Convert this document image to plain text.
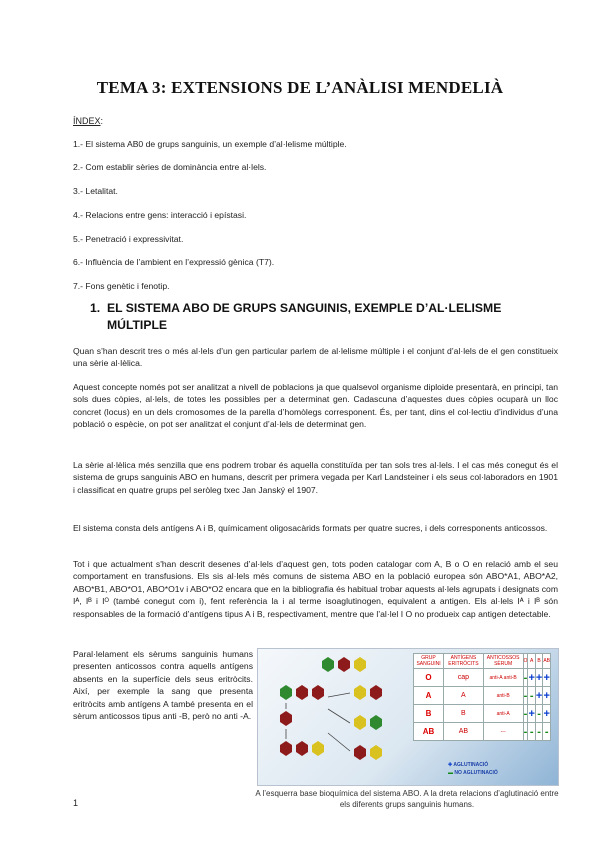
TEMA 3: EXTENSIONS DE L’ANÀLISI MENDELIÀ
ÍNDEX:
1.- El sistema AB0 de grups sanguinis, un exemple d’al·lelisme múltiple.
2.- Com establir sèries de dominància entre al·lels.
3.- Letalitat.
4.- Relacions entre gens: interacció i epístasi.
5.- Penetració i expressivitat.
6.- Influència de l’ambient en l’expressió gènica (T7).
7.- Fons genètic i fenotip.
1. EL SISTEMA ABO DE GRUPS SANGUINIS, EXEMPLE D’AL·LELISME MÚLTIPLE
Quan s’han descrit tres o més al·lels d’un gen particular parlem de al·lelisme múltiple i el conjunt d’al·lels de el gen constitueix una sèrie al·lèlica.
Aquest concepte només pot ser analitzat a nivell de poblacions ja que qualsevol organisme diploide presentarà, en principi, tan sols dues còpies, al·lels, de totes les possibles per a determinat gen. Cadascuna d’aquestes dues còpies ocuparà un lloc concret (locus) en un dels cromosomes de la parella d’homòlegs corresponent. És, per tant, dins el col·lectiu d’individus d’una població o espècie, on pot ser analitzat el conjunt d’al·lels de determinat gen.
La sèrie al·lèlica més senzilla que ens podrem trobar és aquella constituïda per tan sols tres al·lels. I el cas més conegut és el sistema de grups sanguinis ABO en humans, descrit per primera vegada per Karl Landsteiner i els seus col·laboradors en 1901 i classificat en quatre grups pel seròleg txec Jan Janský el 1907.
El sistema consta dels antígens A i B, químicament oligosacàrids formats per quatre sucres, i dels corresponents anticossos.
Tot i que actualment s'han descrit desenes d’al·lels d’aquest gen, tots poden catalogar com A, B o O en relació amb el seu comportament en transfusions. Els sis al·lels més comuns de sistema ABO en la població europea són ABO*A1, ABO*A2, ABO*B1, ABO*O1, ABO*O1v i ABO*O2 encara que en la bibliografia és habitual trobar aquests al·lels agrupats i designats com Iᴬ, Iᴮ i Iᴼ (també conegut com i), fent referència la i al terme isoaglutinogen, equivalent a antigen. Els al·lels Iᴬ i Iᴮ són responsables de la formació d’antígens tipus A i B, respectivament, mentre que l’al·lel I O no produeix cap antigen detectable.
Paral·lelament els sèrums sanguinis humans presenten anticossos contra aquells antígens absents en la superfície dels seus eritròcits. Així, per exemple la sang que presenta eritròcits amb antígens A també presenta en el sèrum anticossos tipus anti -B, però no anti -A.
GRUP SANGUINI	ANTÍGENS ERITRÒCITS	ANTICOSSOS SÈRUM	O	A	B	AB
O	cap	anti-A anti-B	-	+	+	+
A	A	anti-B	-	-	+	+
B	B	anti-A	-	+	-	+
AB	AB	---	-	-	-	-
✚ AGLUTINACIÓ
▬ NO AGLUTINACIÓ
A l’esquerra base bioquímica del sistema ABO. A la dreta relacions d’aglutinació entre els diferents grups sanguinis humans.
1
